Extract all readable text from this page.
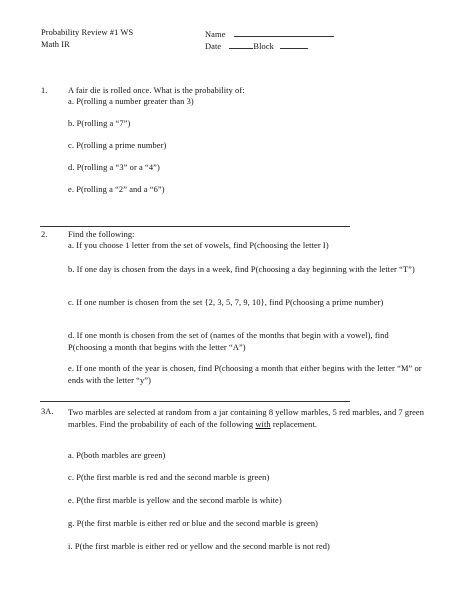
Probability Review #1 WS
Math IR
Name
Date	Block
1. A fair die is rolled once. What is the probability of:
a. P(rolling a number greater than 3)
b. P(rolling a “7”)
c. P(rolling a prime number)
d. P(rolling a “3” or a “4”)
e. P(rolling a “2” and a “6”)
2. Find the following:
a. If you choose 1 letter from the set of vowels, find P(choosing the letter I)
b. If one day is chosen from the days in a week, find P(choosing a day beginning with the letter “T”)
c. If one number is chosen from the set {2, 3, 5, 7, 9, 10}, find P(choosing a prime number)
d. If one month is chosen from the set of (names of the months that begin with a vowel), find P(choosing a month that begins with the letter “A”)
e. If one month of the year is chosen, find P(choosing a month that either begins with the letter “M” or ends with the letter “y”)
3A. Two marbles are selected at random from a jar containing 8 yellow marbles, 5 red marbles, and 7 green marbles. Find the probability of each of the following with replacement.
a. P(both marbles are green)
c. P(the first marble is red and the second marble is green)
e. P(the first marble is yellow and the second marble is white)
g. P(the first marble is either red or blue and the second marble is green)
i. P(the first marble is either red or yellow and the second marble is not red)
